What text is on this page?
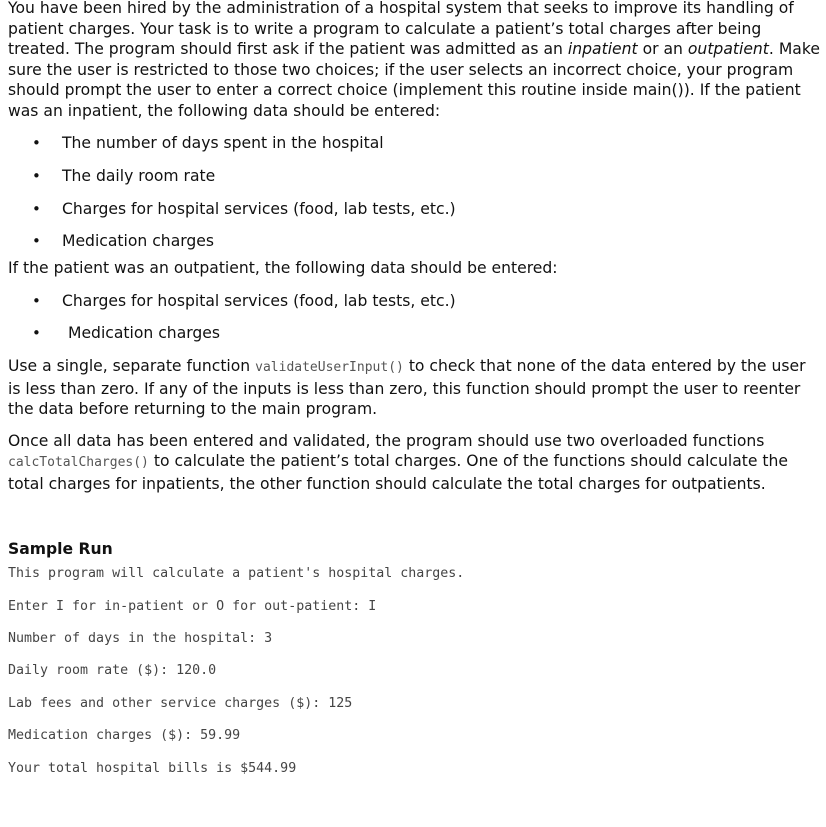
You have been hired by the administration of a hospital system that seeks to improve its handling of patient charges. Your task is to write a program to calculate a patient’s total charges after being treated. The program should first ask if the patient was admitted as an inpatient or an outpatient. Make sure the user is restricted to those two choices; if the user selects an incorrect choice, your program should prompt the user to enter a correct choice (implement this routine inside main()). If the patient was an inpatient, the following data should be entered:

• The number of days spent in the hospital
• The daily room rate
• Charges for hospital services (food, lab tests, etc.)
• Medication charges

If the patient was an outpatient, the following data should be entered:

• Charges for hospital services (food, lab tests, etc.)
• Medication charges

Use a single, separate function validateUserInput() to check that none of the data entered by the user is less than zero. If any of the inputs is less than zero, this function should prompt the user to reenter the data before returning to the main program.

Once all data has been entered and validated, the program should use two overloaded functions calcTotalCharges() to calculate the patient’s total charges. One of the functions should calculate the total charges for inpatients, the other function should calculate the total charges for outpatients.

Sample Run

This program will calculate a patient's hospital charges.

Enter I for in-patient or O for out-patient: I

Number of days in the hospital: 3

Daily room rate ($): 120.0

Lab fees and other service charges ($): 125

Medication charges ($): 59.99

Your total hospital bills is $544.99
